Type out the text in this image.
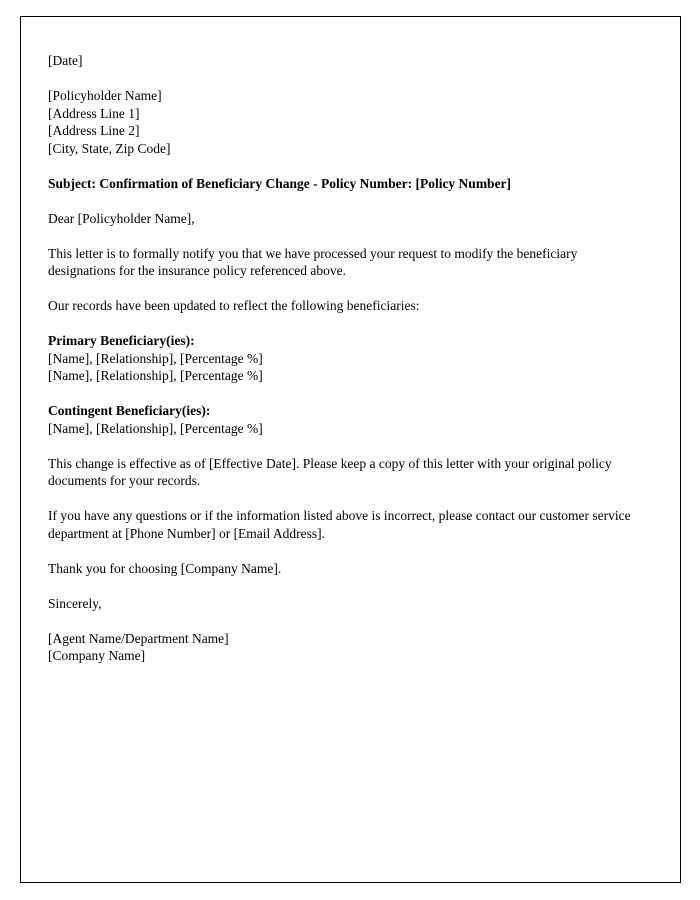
[Date]

[Policyholder Name]
[Address Line 1]
[Address Line 2]
[City, State, Zip Code]

Subject: Confirmation of Beneficiary Change - Policy Number: [Policy Number]

Dear [Policyholder Name],

This letter is to formally notify you that we have processed your request to modify the beneficiary designations for the insurance policy referenced above.

Our records have been updated to reflect the following beneficiaries:

Primary Beneficiary(ies):
[Name], [Relationship], [Percentage %]
[Name], [Relationship], [Percentage %]
Contingent Beneficiary(ies):
[Name], [Relationship], [Percentage %]

This change is effective as of [Effective Date]. Please keep a copy of this letter with your original policy documents for your records.

If you have any questions or if the information listed above is incorrect, please contact our customer service department at [Phone Number] or [Email Address].

Thank you for choosing [Company Name].

Sincerely,

[Agent Name/Department Name]
[Company Name]
